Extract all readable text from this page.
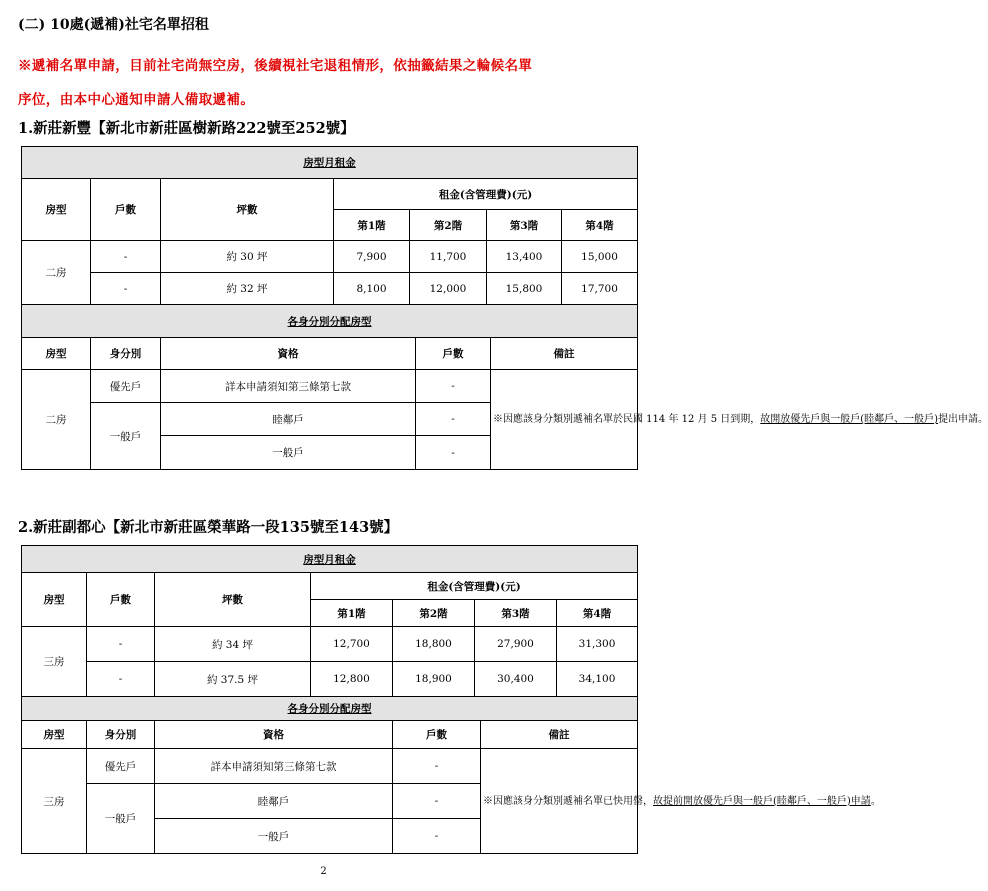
(二) 10處(遞補)社宅名單招租
※遞補名單申請，目前社宅尚無空房，後續視社宅退租情形，依抽籤結果之輪候名單
序位，由本中心通知申請人備取遞補。
1.新莊新豐【新北市新莊區樹新路222號至252號】
房型月租金						
房型	戶數	坪數	租金(含管理費)(元)			
			第1階	第2階	第3階	第4階
二房	-	約 30 坪	7,900	11,700	13,400	15,000
	-	約 32 坪	8,100	12,000	15,800	17,700
各身分別分配房型				
房型	身分別	資格	戶數	備註
二房	優先戶	詳本申請須知第三條第七款	-	※因應該身分類別遞補名單於民國 114 年 12 月 5 日到期，故開放優先戶與一般戶(睦鄰戶、一般戶)提出申請。
	一般戶	睦鄰戶	-	
		一般戶	-	
2.新莊副都心【新北市新莊區榮華路一段135號至143號】
房型月租金						
房型	戶數	坪數	租金(含管理費)(元)			
			第1階	第2階	第3階	第4階
三房	-	約 34 坪	12,700	18,800	27,900	31,300
	-	約 37.5 坪	12,800	18,900	30,400	34,100
各身分別分配房型				
房型	身分別	資格	戶數	備註
三房	優先戶	詳本申請須知第三條第七款	-	※因應該身分類別遞補名單已快用罄，故提前開放優先戶與一般戶(睦鄰戶、一般戶)申請。
	一般戶	睦鄰戶	-	
		一般戶	-	
2
